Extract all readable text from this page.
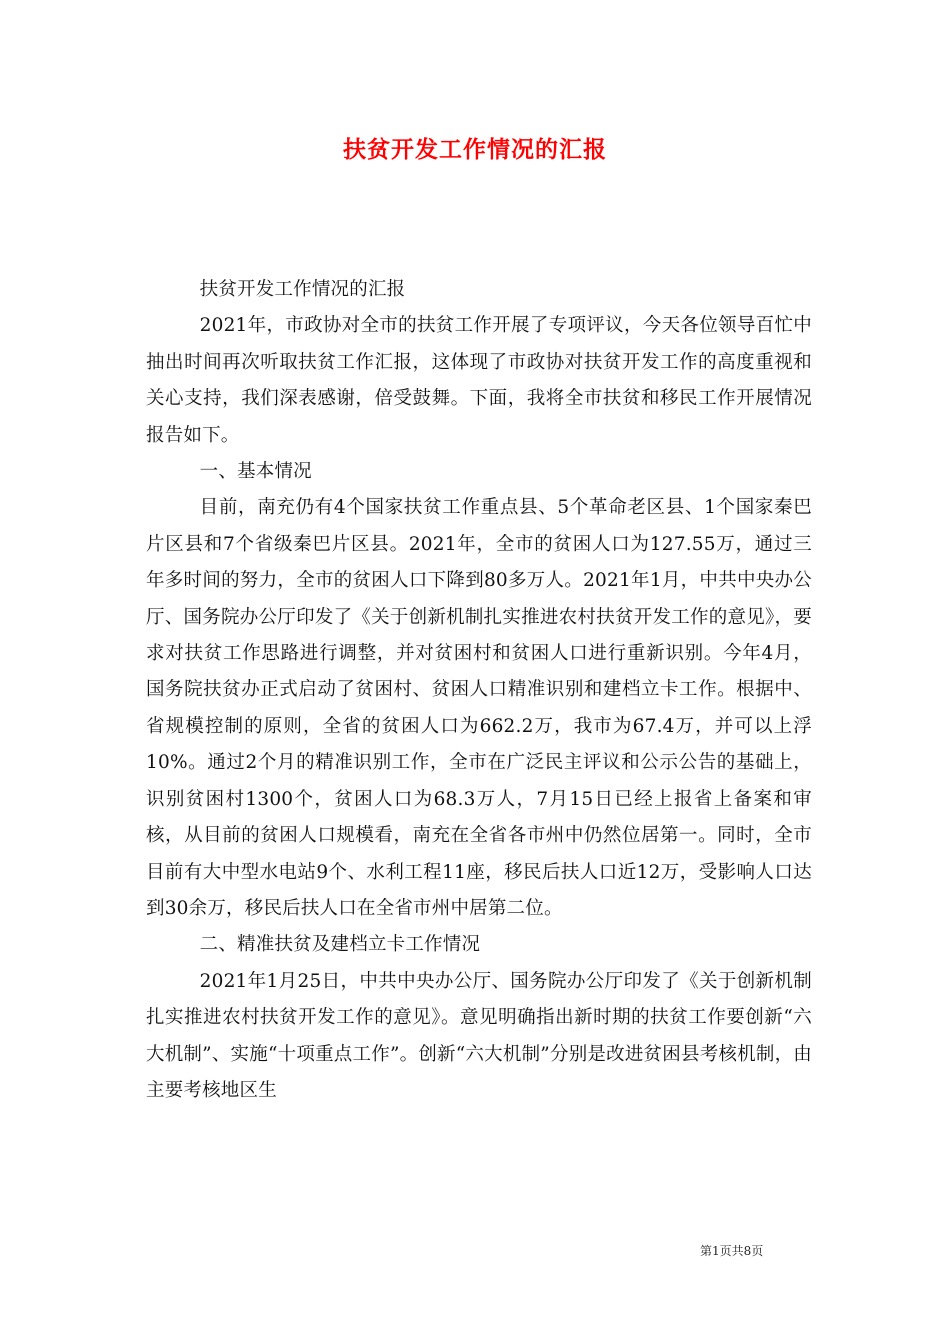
扶贫开发工作情况的汇报

扶贫开发工作情况的汇报

2021年，市政协对全市的扶贫工作开展了专项评议，今天各位领导百忙中抽出时间再次听取扶贫工作汇报，这体现了市政协对扶贫开发工作的高度重视和关心支持，我们深表感谢，倍受鼓舞。下面，我将全市扶贫和移民工作开展情况报告如下。

一、基本情况

目前，南充仍有4个国家扶贫工作重点县、5个革命老区县、1个国家秦巴片区县和7个省级秦巴片区县。2021年，全市的贫困人口为127.55万，通过三年多时间的努力，全市的贫困人口下降到80多万人。2021年1月，中共中央办公厅、国务院办公厅印发了《关于创新机制扎实推进农村扶贫开发工作的意见》，要求对扶贫工作思路进行调整，并对贫困村和贫困人口进行重新识别。今年4月，国务院扶贫办正式启动了贫困村、贫困人口精准识别和建档立卡工作。根据中、省规模控制的原则，全省的贫困人口为662.2万，我市为67.4万，并可以上浮10%。通过2个月的精准识别工作，全市在广泛民主评议和公示公告的基础上，识别贫困村1300个，贫困人口为68.3万人，7月15日已经上报省上备案和审核，从目前的贫困人口规模看，南充在全省各市州中仍然位居第一。同时，全市目前有大中型水电站9个、水利工程11座，移民后扶人口近12万，受影响人口达到30余万，移民后扶人口在全省市州中居第二位。

二、精准扶贫及建档立卡工作情况

2021年1月25日，中共中央办公厅、国务院办公厅印发了《关于创新机制扎实推进农村扶贫开发工作的意见》。意见明确指出新时期的扶贫工作要创新“六大机制”、实施“十项重点工作”。创新“六大机制”分别是改进贫困县考核机制，由主要考核地区生

第1页共8页
